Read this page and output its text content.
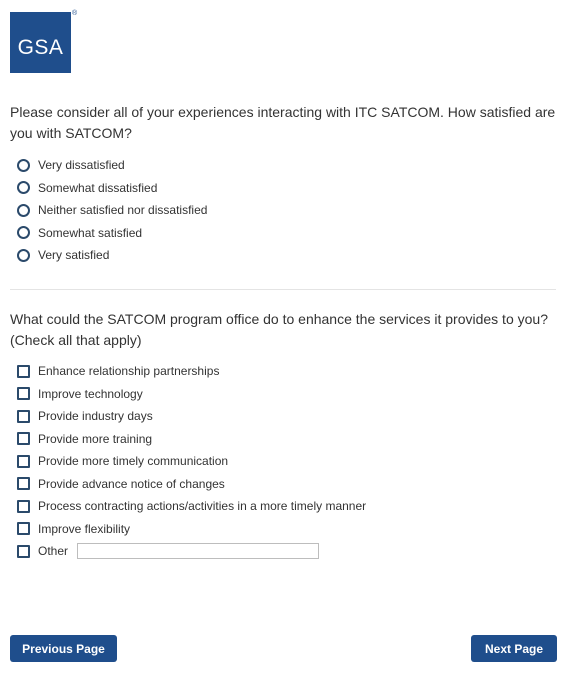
GSA
®
Please consider all of your experiences interacting with ITC SATCOM. How satisfied are you with SATCOM?
Very dissatisfied
Somewhat dissatisfied
Neither satisfied nor dissatisfied
Somewhat satisfied
Very satisfied
What could the SATCOM program office do to enhance the services it provides to you? (Check all that apply)
Enhance relationship partnerships
Improve technology
Provide industry days
Provide more training
Provide more timely communication
Provide advance notice of changes
Process contracting actions/activities in a more timely manner
Improve flexibility
Other
Previous Page	Next Page
